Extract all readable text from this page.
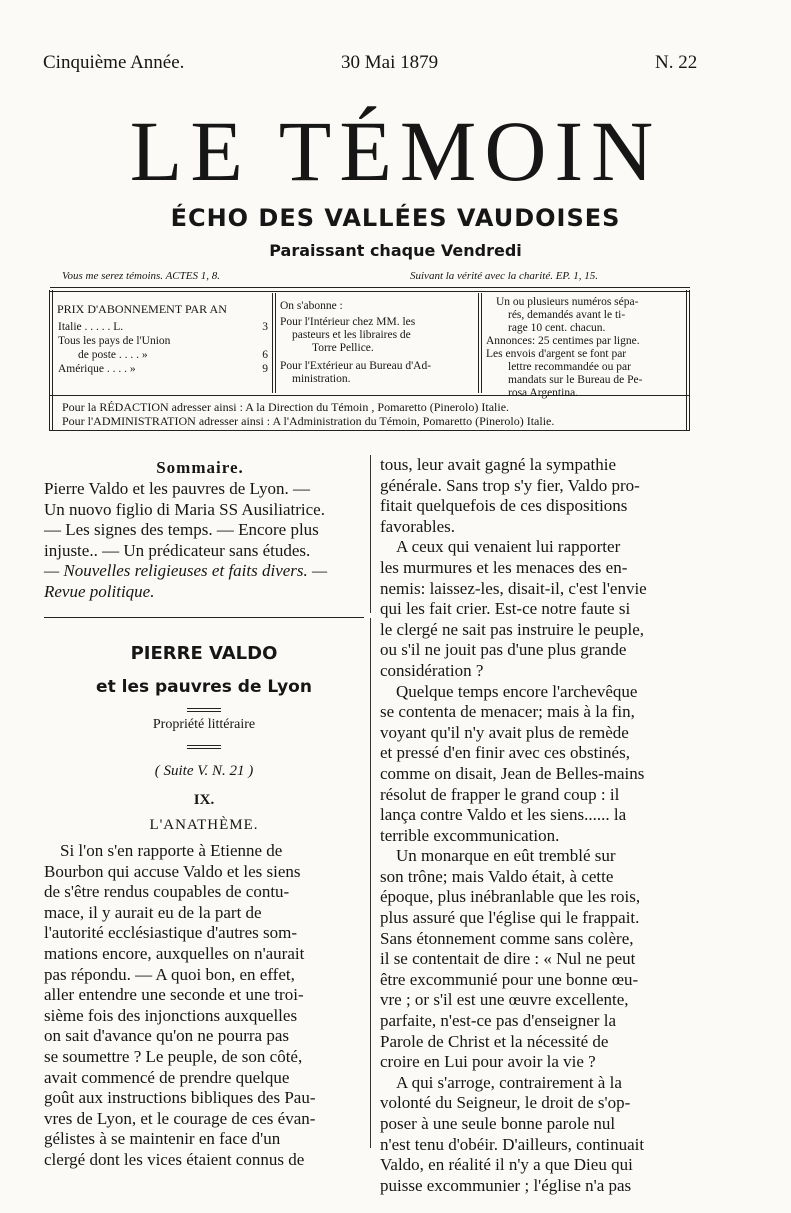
Cinquième Année.	30 Mai 1879	N. 22
LE TÉMOIN
ÉCHO DES VALLÉES VAUDOISES
Paraissant chaque Vendredi
Vous me serez témoins. ACTES 1, 8.	Suivant la vérité avec la charité. EP. 1, 15.
PRIX D'ABONNEMENT PAR AN
Italie . . . . . L.	3
Tous les pays de l'Union
de poste . . . . »	6
Amérique . . . . »	9
On s'abonne :
Pour l'Intérieur chez MM. les
pasteurs et les libraires de
Torre Pellice.
Pour l'Extérieur au Bureau d'Ad-
ministration.
Un ou plusieurs numéros sépa-
rés, demandés avant le ti-
rage 10 cent. chacun.
Annonces: 25 centimes par ligne.
Les envois d'argent se font par
lettre recommandée ou par
mandats sur le Bureau de Pe-
rosa Argentina.
Pour la RÉDACTION adresser ainsi : A la Direction du Témoin , Pomaretto (Pinerolo) Italie.
Pour l'ADMINISTRATION adresser ainsi : A l'Administration du Témoin, Pomaretto (Pinerolo) Italie.
Sommaire.

Pierre Valdo et les pauvres de Lyon. —

Un nuovo figlio di Maria SS Ausiliatrice.

— Les signes des temps. — Encore plus

injuste.. — Un prédicateur sans études.

— Nouvelles religieuses et faits divers. —

Revue politique.

PIERRE VALDO
et les pauvres de Lyon
Propriété littéraire
( Suite V. N. 21 )
IX.
L'ANATHÈME.

Si l'on s'en rapporte à Etienne de

Bourbon qui accuse Valdo et les siens

de s'être rendus coupables de contu-

mace, il y aurait eu de la part de

l'autorité ecclésiastique d'autres som-

mations encore, auxquelles on n'aurait

pas répondu. — A quoi bon, en effet,

aller entendre une seconde et une troi-

sième fois des injonctions auxquelles

on sait d'avance qu'on ne pourra pas

se soumettre ? Le peuple, de son côté,

avait commencé de prendre quelque

goût aux instructions bibliques des Pau-

vres de Lyon, et le courage de ces évan-

gélistes à se maintenir en face d'un

clergé dont les vices étaient connus de

tous, leur avait gagné la sympathie

générale. Sans trop s'y fier, Valdo pro-

fitait quelquefois de ces dispositions

favorables.

A ceux qui venaient lui rapporter

les murmures et les menaces des en-

nemis: laissez-les, disait-il, c'est l'envie

qui les fait crier. Est-ce notre faute si

le clergé ne sait pas instruire le peuple,

ou s'il ne jouit pas d'une plus grande

considération ?

Quelque temps encore l'archevêque

se contenta de menacer; mais à la fin,

voyant qu'il n'y avait plus de remède

et pressé d'en finir avec ces obstinés,

comme on disait, Jean de Belles-mains

résolut de frapper le grand coup : il

lança contre Valdo et les siens...... la

terrible excommunication.

Un monarque en eût tremblé sur

son trône; mais Valdo était, à cette

époque, plus inébranlable que les rois,

plus assuré que l'église qui le frappait.

Sans étonnement comme sans colère,

il se contentait de dire : « Nul ne peut

être excommunié pour une bonne œu-

vre ; or s'il est une œuvre excellente,

parfaite, n'est-ce pas d'enseigner la

Parole de Christ et la nécessité de

croire en Lui pour avoir la vie ?

A qui s'arroge, contrairement à la

volonté du Seigneur, le droit de s'op-

poser à une seule bonne parole nul

n'est tenu d'obéir. D'ailleurs, continuait

Valdo, en réalité il n'y a que Dieu qui

puisse excommunier ; l'église n'a pas
